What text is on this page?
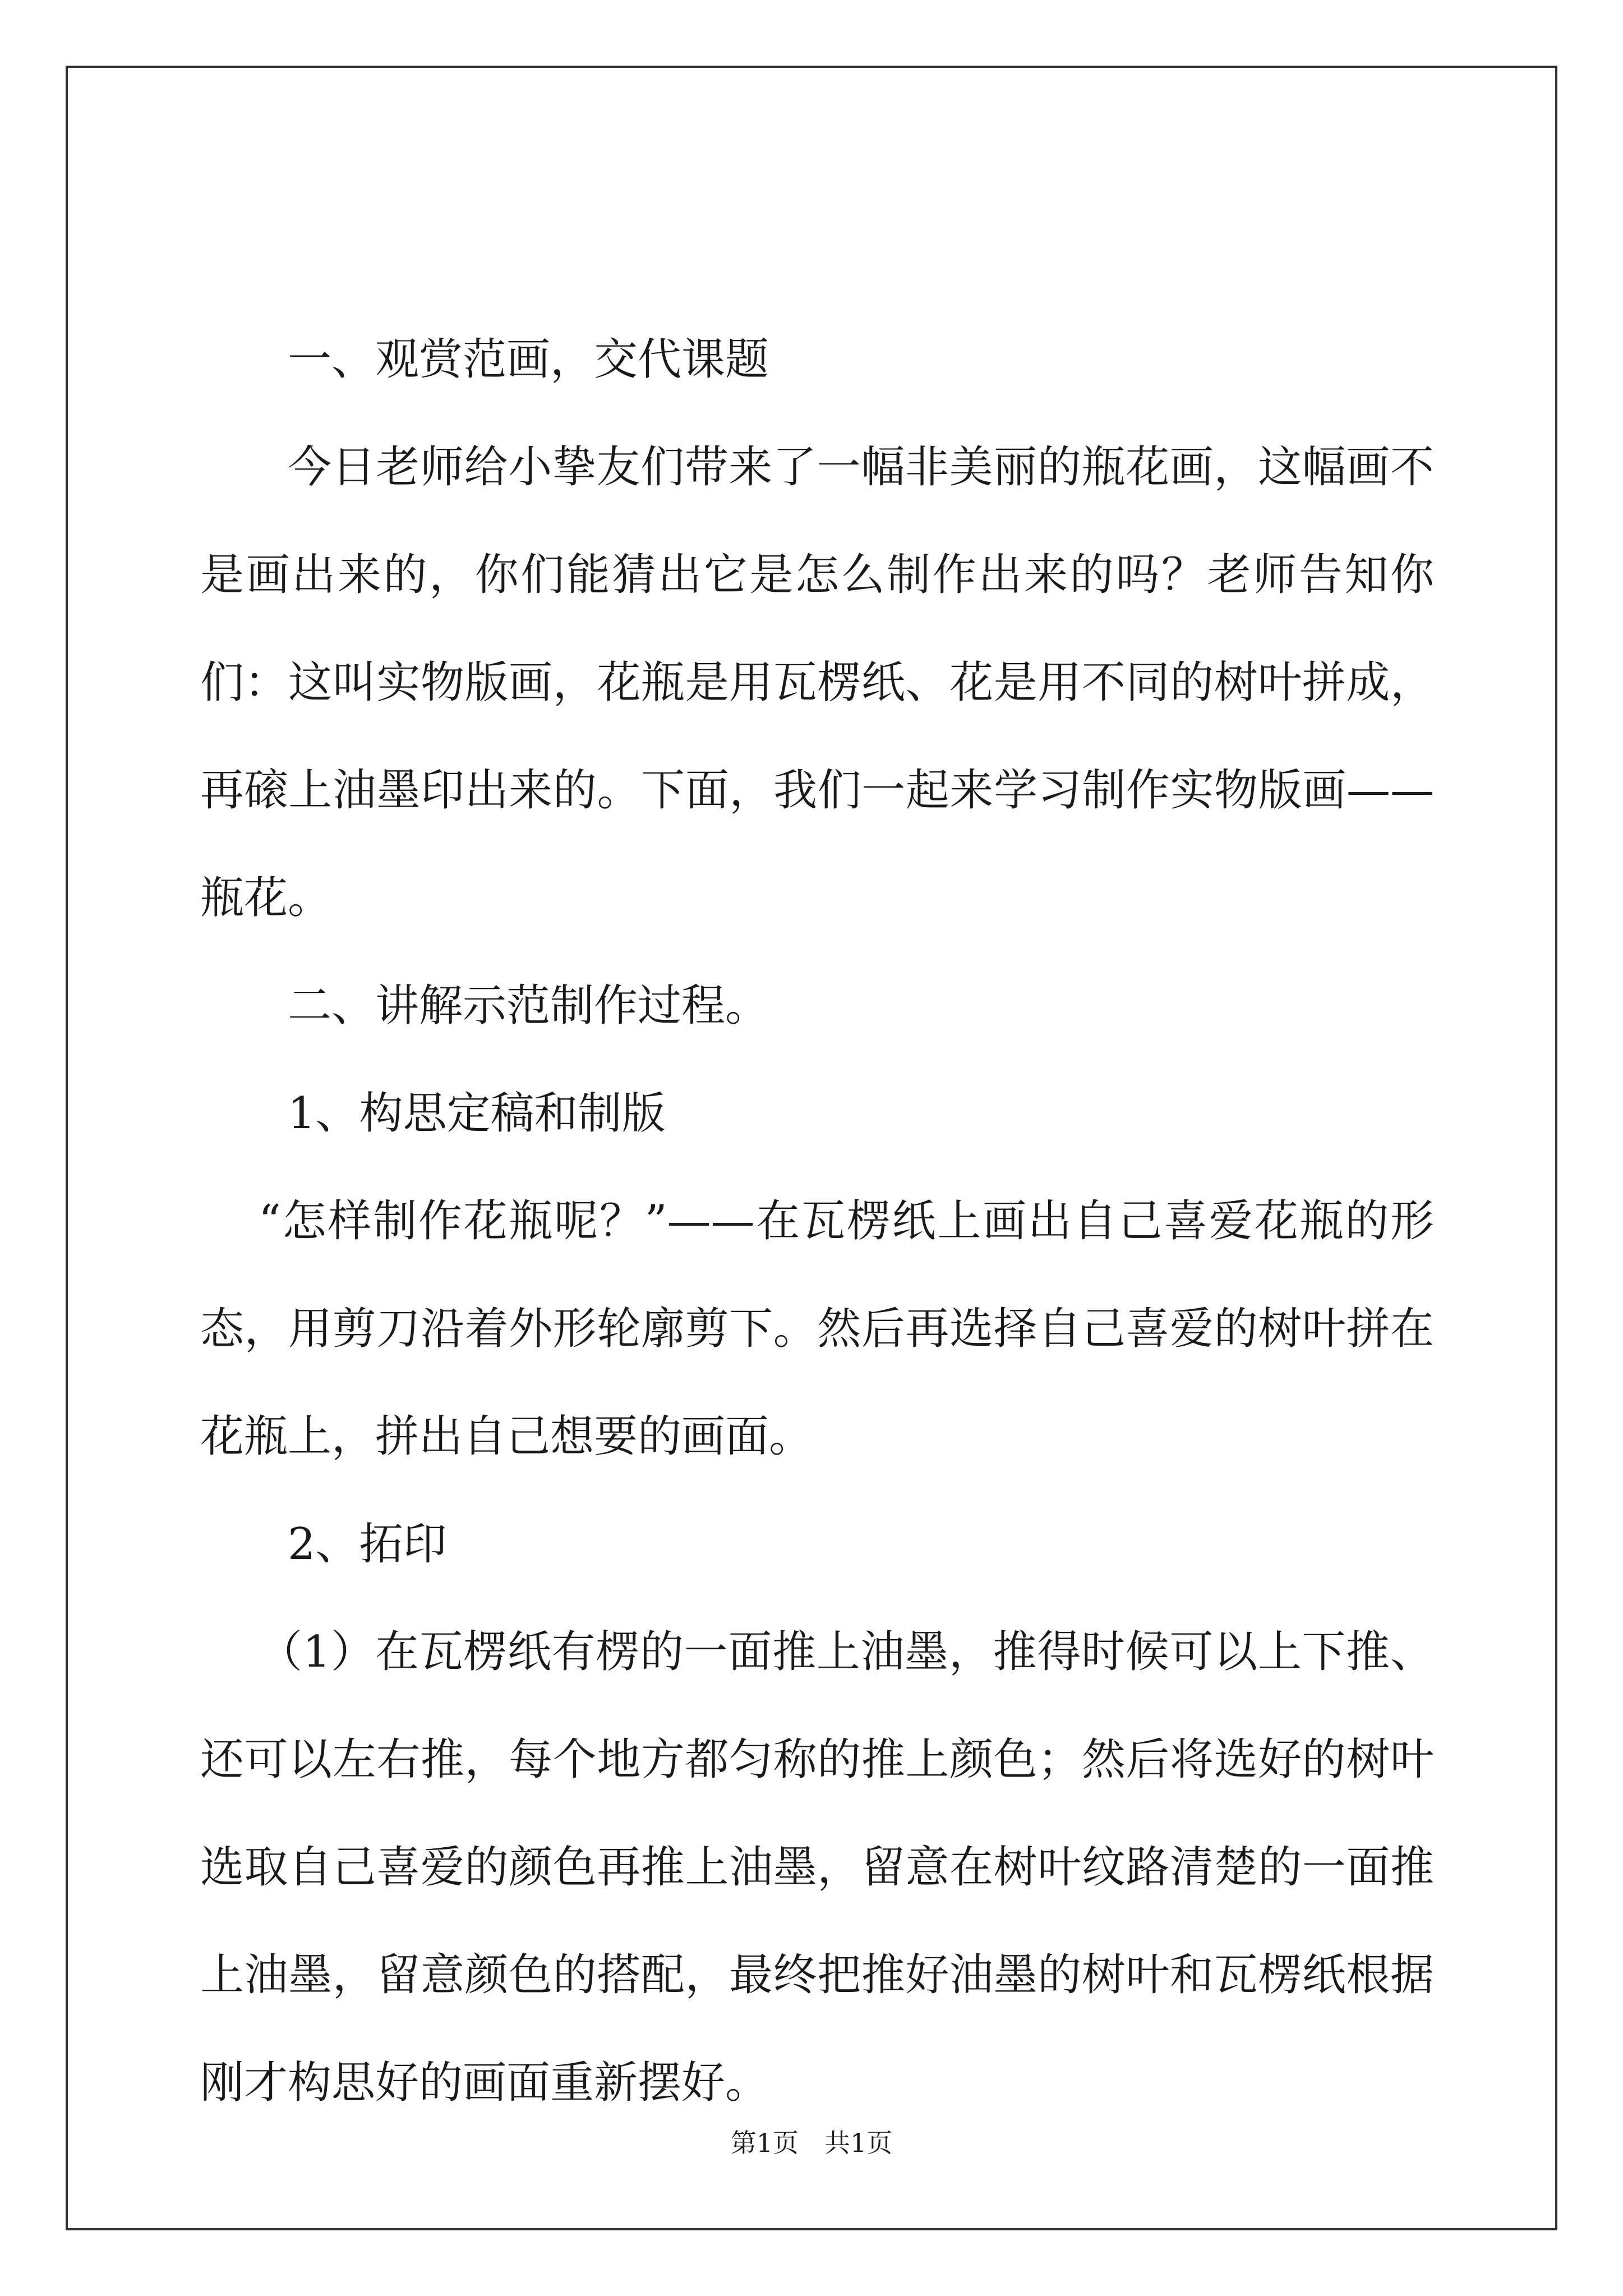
一、观赏范画，交代课题

今日老师给小挚友们带来了一幅非美丽的瓶花画，这幅画不是画出来的，你们能猜出它是怎么制作出来的吗？老师告知你们：这叫实物版画，花瓶是用瓦楞纸、花是用不同的树叶拼成，再磙上油墨印出来的。下面，我们一起来学习制作实物版画——瓶花。

二、讲解示范制作过程。

1、构思定稿和制版

“怎样制作花瓶呢？”——在瓦楞纸上画出自己喜爱花瓶的形态，用剪刀沿着外形轮廓剪下。然后再选择自己喜爱的树叶拼在花瓶上，拼出自己想要的画面。

2、拓印

（1）在瓦楞纸有楞的一面推上油墨，推得时候可以上下推、还可以左右推，每个地方都匀称的推上颜色；然后将选好的树叶选取自己喜爱的颜色再推上油墨，留意在树叶纹路清楚的一面推上油墨，留意颜色的搭配，最终把推好油墨的树叶和瓦楞纸根据刚才构思好的画面重新摆好。

第1页　共1页
